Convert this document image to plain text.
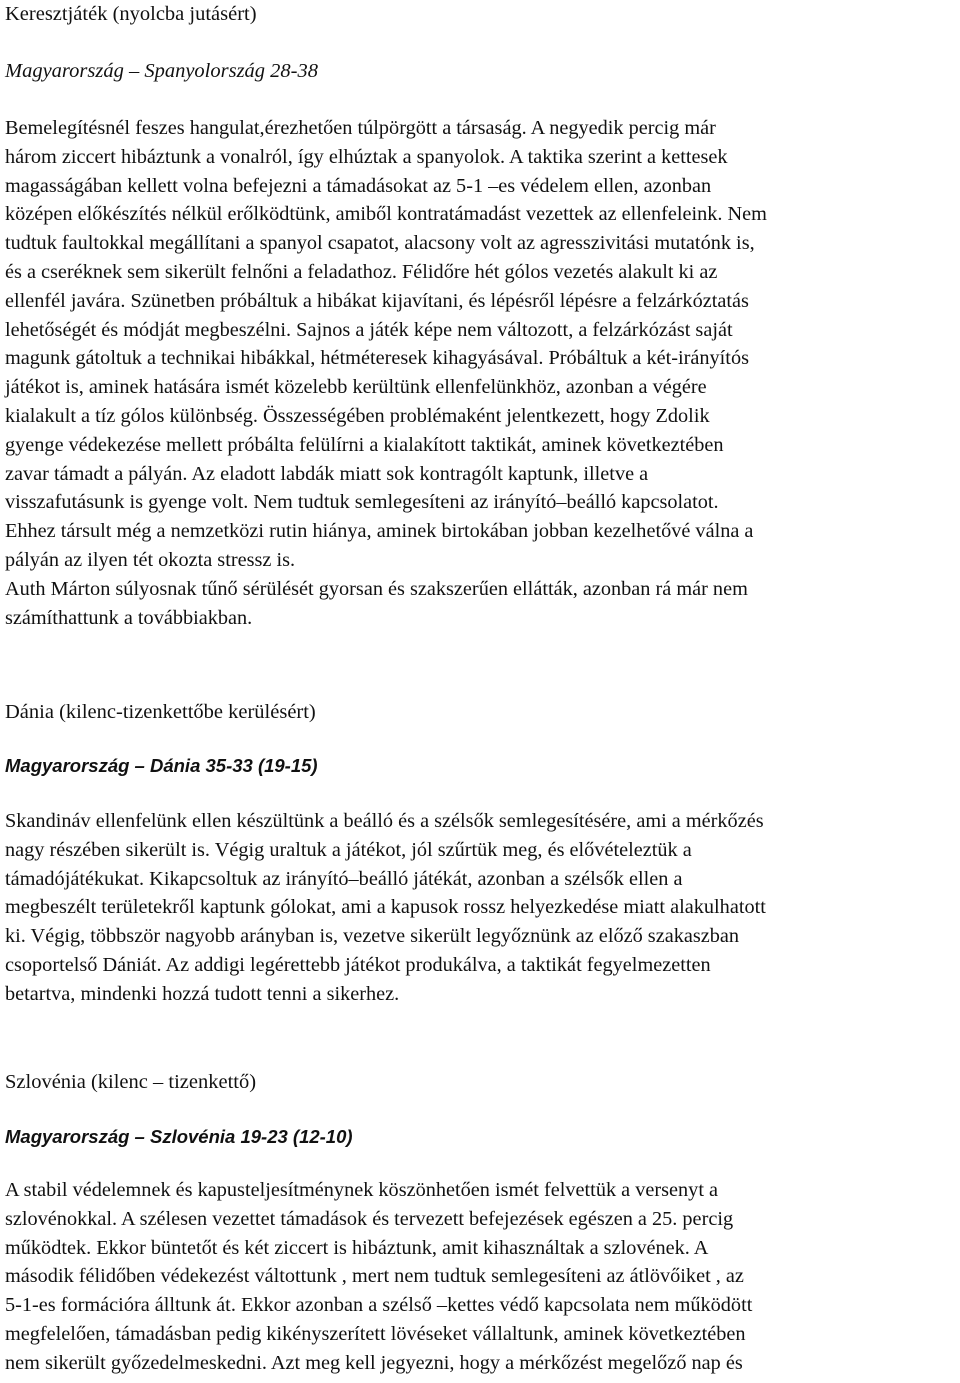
Keresztjáték (nyolcba jutásért)
Magyarország – Spanyolország 28-38
Bemelegítésnél feszes hangulat,érezhetően túlpörgött a társaság. A negyedik percig már
három ziccert hibáztunk a vonalról, így elhúztak a spanyolok. A taktika szerint a kettesek
magasságában kellett volna befejezni a támadásokat az 5-1 –es védelem ellen, azonban
középen előkészítés nélkül erőlködtünk, amiből kontratámadást vezettek az ellenfeleink. Nem
tudtuk faultokkal megállítani a spanyol csapatot, alacsony volt az agresszivitási mutatónk is,
és a cseréknek sem sikerült felnőni a feladathoz. Félidőre hét gólos vezetés alakult ki az
ellenfél javára. Szünetben próbáltuk a hibákat kijavítani, és lépésről lépésre a felzárkóztatás
lehetőségét és módját megbeszélni. Sajnos a játék képe nem változott, a felzárkózást saját
magunk gátoltuk a technikai hibákkal, hétméteresek kihagyásával. Próbáltuk a két-irányítós
játékot is, aminek hatására ismét közelebb kerültünk ellenfelünkhöz, azonban a végére
kialakult a tíz gólos különbség. Összességében problémaként jelentkezett, hogy Zdolik
gyenge védekezése mellett próbálta felülírni a kialakított taktikát, aminek következtében
zavar támadt a pályán. Az eladott labdák miatt sok kontragólt kaptunk, illetve a
visszafutásunk is gyenge volt. Nem tudtuk semlegesíteni az irányító–beálló kapcsolatot.
Ehhez társult még a nemzetközi rutin hiánya, aminek birtokában jobban kezelhetővé válna a
pályán az ilyen tét okozta stressz is.
Auth Márton súlyosnak tűnő sérülését gyorsan és szakszerűen ellátták, azonban rá már nem
számíthattunk a továbbiakban.
Dánia (kilenc-tizenkettőbe kerülésért)
Magyarország – Dánia 35-33 (19-15)
Skandináv ellenfelünk ellen készültünk a beálló és a szélsők semlegesítésére, ami a mérkőzés
nagy részében sikerült is. Végig uraltuk a játékot, jól szűrtük meg, és elővételeztük a
támadójátékukat. Kikapcsoltuk az irányító–beálló játékát, azonban a szélsők ellen a
megbeszélt területekről kaptunk gólokat, ami a kapusok rossz helyezkedése miatt alakulhatott
ki. Végig, többször nagyobb arányban is, vezetve sikerült legyőznünk az előző szakaszban
csoportelső Dániát. Az addigi legérettebb játékot produkálva, a taktikát fegyelmezetten
betartva, mindenki hozzá tudott tenni a sikerhez.
Szlovénia (kilenc – tizenkettő)
Magyarország – Szlovénia 19-23 (12-10)
A stabil védelemnek és kapusteljesítménynek köszönhetően ismét felvettük a versenyt a
szlovénokkal. A szélesen vezettet támadások és tervezett befejezések egészen a 25. percig
működtek. Ekkor büntetőt és két ziccert is hibáztunk, amit kihasználtak a szlovének. A
második félidőben védekezést váltottunk , mert nem tudtuk semlegesíteni az átlövőiket , az
5-1-es formációra álltunk át. Ekkor azonban a szélső –kettes védő kapcsolata nem működött
megfelelően, támadásban pedig kikényszerített lövéseket vállaltunk, aminek következtében
nem sikerült győzedelmeskedni. Azt meg kell jegyezni, hogy a mérkőzést megelőző nap és
